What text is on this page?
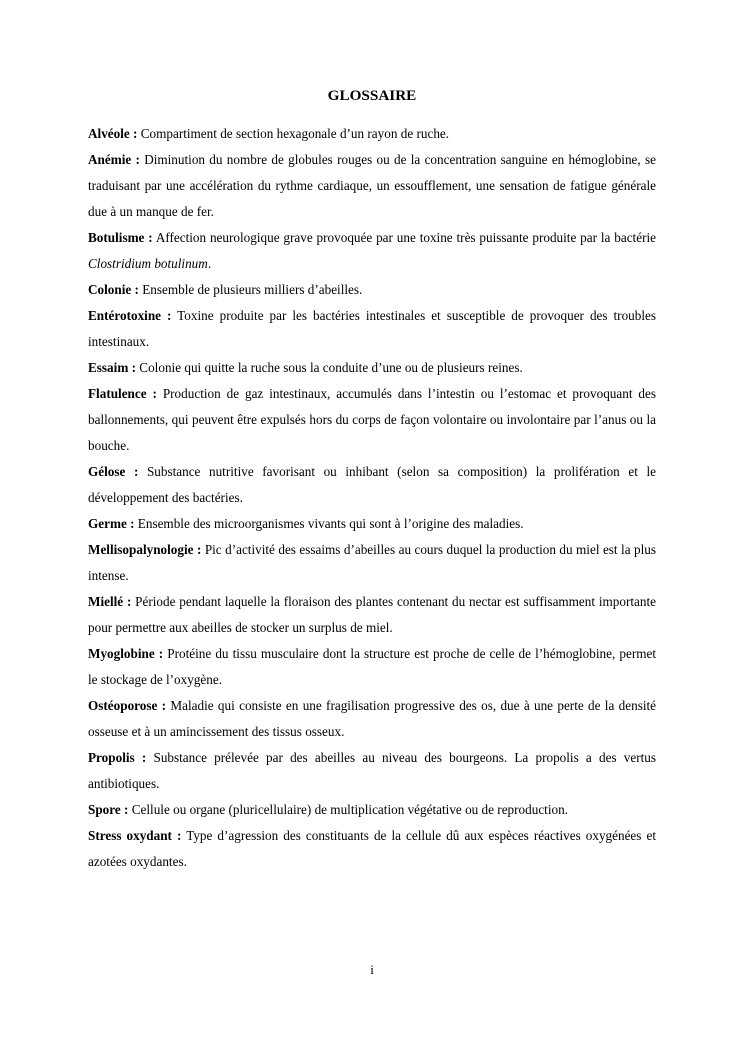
GLOSSAIRE

Alvéole : Compartiment de section hexagonale d’un rayon de ruche.

Anémie : Diminution du nombre de globules rouges ou de la concentration sanguine en hémoglobine, se traduisant par une accélération du rythme cardiaque, un essoufflement, une sensation de fatigue générale due à un manque de fer.

Botulisme : Affection neurologique grave provoquée par une toxine très puissante produite par la bactérie Clostridium botulinum.

Colonie : Ensemble de plusieurs milliers d’abeilles.

Entérotoxine : Toxine produite par les bactéries intestinales et susceptible de provoquer des troubles intestinaux.

Essaim : Colonie qui quitte la ruche sous la conduite d’une ou de plusieurs reines.

Flatulence : Production de gaz intestinaux, accumulés dans l’intestin ou l’estomac et provoquant des ballonnements, qui peuvent être expulsés hors du corps de façon volontaire ou involontaire par l’anus ou la bouche.

Gélose : Substance nutritive favorisant ou inhibant (selon sa composition) la prolifération et le développement des bactéries.

Germe : Ensemble des microorganismes vivants qui sont à l’origine des maladies.

Mellisopalynologie : Pic d’activité des essaims d’abeilles au cours duquel la production du miel est la plus intense.

Miellé : Période pendant laquelle la floraison des plantes contenant du nectar est suffisamment importante pour permettre aux abeilles de stocker un surplus de miel.

Myoglobine : Protéine du tissu musculaire dont la structure est proche de celle de l’hémoglobine, permet le stockage de l’oxygène.

Ostéoporose : Maladie qui consiste en une fragilisation progressive des os, due à une perte de la densité osseuse et à un amincissement des tissus osseux.

Propolis : Substance prélevée par des abeilles au niveau des bourgeons. La propolis a des vertus antibiotiques.

Spore : Cellule ou organe (pluricellulaire) de multiplication végétative ou de reproduction.

Stress oxydant : Type d’agression des constituants de la cellule dû aux espèces réactives oxygénées et azotées oxydantes.

i
